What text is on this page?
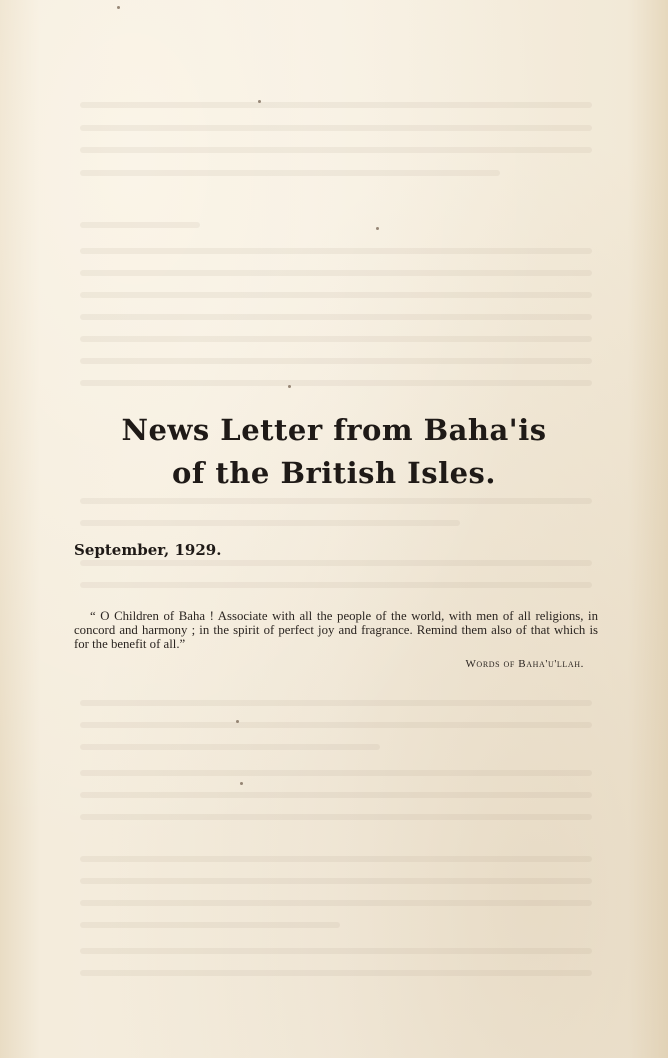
News Letter from Baha'is
of the British Isles.
September, 1929.
“ O Children of Baha ! Associate with all the people of the world, with men of all religions, in concord and harmony ; in the spirit of perfect joy and fragrance. Remind them also of that which is for the benefit of all.”
Words of Baha'u'llah.
